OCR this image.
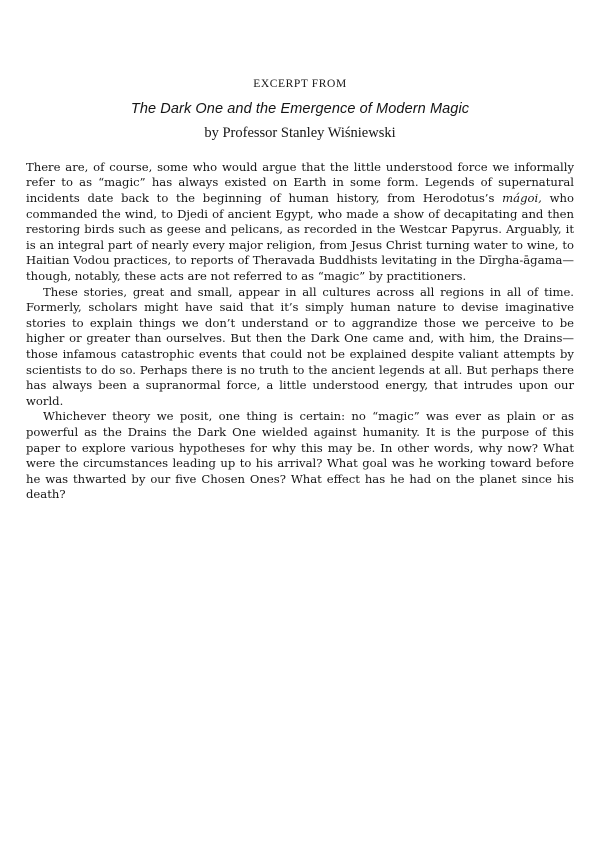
EXCERPT FROM
The Dark One and the Emergence of Modern Magic
by Professor Stanley Wiśniewski

There are, of course, some who would argue that the little understood force we informally refer to as “magic” has always existed on Earth in some form. Legends of supernatural incidents date back to the beginning of human history, from Herodotus’s mágoi, who commanded the wind, to Djedi of ancient Egypt, who made a show of decapitating and then restoring birds such as geese and pelicans, as recorded in the Westcar Papyrus. Arguably, it is an integral part of nearly every major religion, from Jesus Christ turning water to wine, to Haitian Vodou practices, to reports of Theravada Buddhists levitating in the Dīrgha-āgama—though, notably, these acts are not referred to as “magic” by practitioners.

These stories, great and small, appear in all cultures across all regions in all of time. Formerly, scholars might have said that it’s simply human nature to devise imaginative stories to explain things we don’t understand or to aggrandize those we perceive to be higher or greater than ourselves. But then the Dark One came and, with him, the Drains—those infamous catastrophic events that could not be explained despite valiant attempts by scientists to do so. Perhaps there is no truth to the ancient legends at all. But perhaps there has always been a supranormal force, a little understood energy, that intrudes upon our world.

Whichever theory we posit, one thing is certain: no “magic” was ever as plain or as powerful as the Drains the Dark One wielded against humanity. It is the purpose of this paper to explore various hypotheses for why this may be. In other words, why now? What were the circumstances leading up to his arrival? What goal was he working toward before he was thwarted by our five Chosen Ones? What effect has he had on the planet since his death?
